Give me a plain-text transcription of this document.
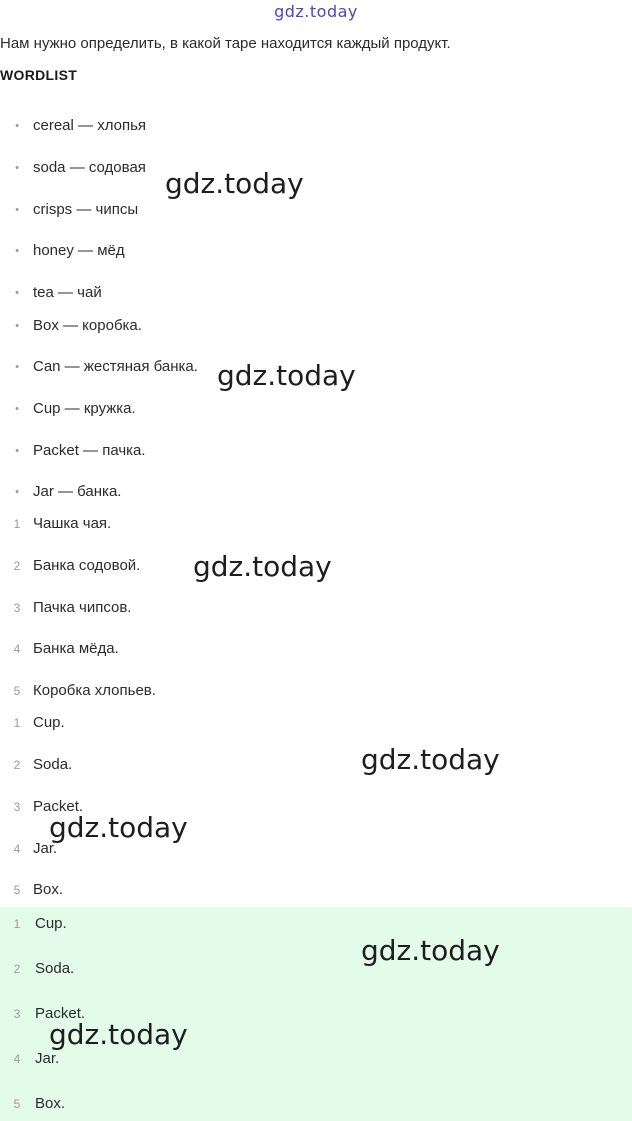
gdz.today
Нам нужно определить, в какой таре находится каждый продукт.
WORDLIST
• cereal — хлопья
• soda — содовая
• crisps — чипсы
• honey — мёд
• tea — чай
• Box — коробка.
• Can — жестяная банка.
• Cup — кружка.
• Packet — пачка.
• Jar — банка.
1 Чашка чая.
2 Банка содовой.
3 Пачка чипсов.
4 Банка мёда.
5 Коробка хлопьев.
1 Cup.
2 Soda.
3 Packet.
4 Jar.
5 Box.
1 Cup.
2 Soda.
3 Packet.
4 Jar.
5 Box.
gdz.today
gdz.today
gdz.today
gdz.today
gdz.today
gdz.today
gdz.today
